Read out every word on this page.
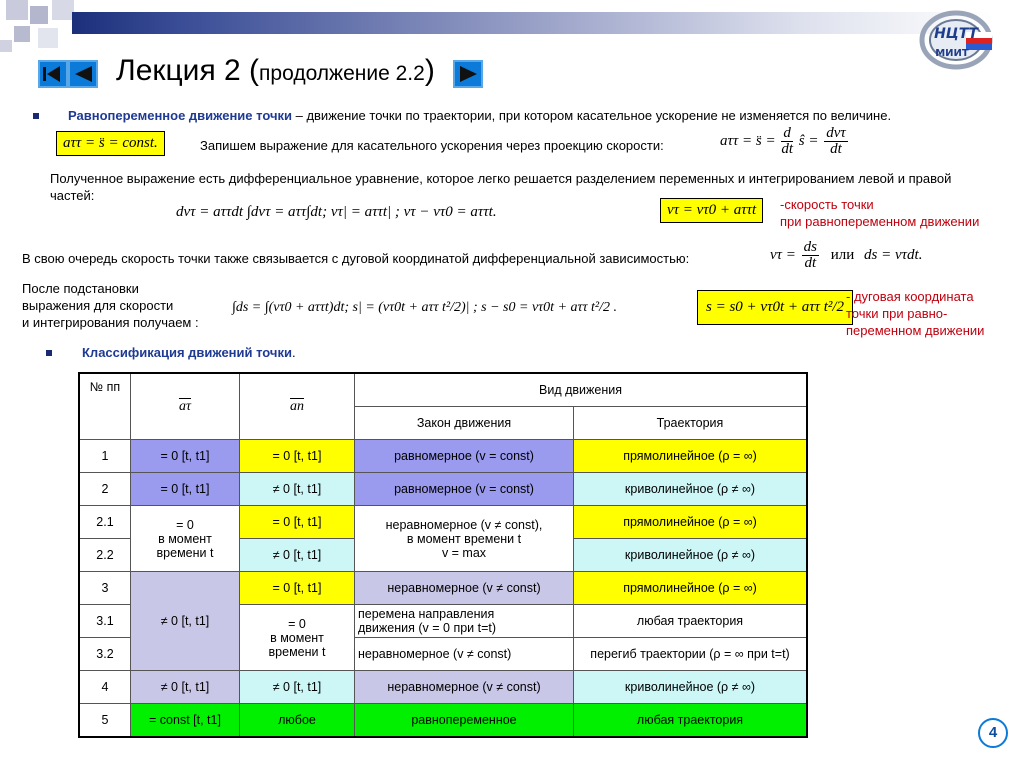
НЦТТ
МИИТ
Лекция 2 (продолжение 2.2)
Равнопеременное движение точки – движение точки по траектории, при котором касательное ускорение не изменяется по величине.
aττ = s̈ = const.	Запишем выражение для касательного ускорения через проекцию скорости:	aττ = s̈ = $\frac{d}{dt}$ ŝ = $\frac{\text{dvτ}}{dt}$
Полученное выражение есть дифференциальное уравнение, которое легко решается разделением переменных и интегрированием левой и правой частей:
dvτ = aττdt ∫dvτ = aττ∫dt; vτ| = aττt| ; vτ − vτ0 = aττt.	vτ = vτ0 + aττt	-скорость точки
при равнопеременном движении
В свою очередь скорость точки также связывается с дуговой координатой дифференциальной зависимостью:	$v\tau = \frac{ds}{dt}$ или ds = vτdt.
После подстановки
выражения для скорости
и интегрирования получаем :
∫ds = ∫(vτ0 + aττt)dt; s| = (vτ0t + aττ t²/2)| ; s − s0 = vτ0t + aττ t²/2 .	s = s0 + vτ0t + aττ t²/2
- дуговая координата
точки при равно-
переменном движении
Классификация движений точки.
№ пп	$\overline{a\tau}$	$\overline{an}$	Вид движения	
			Закон движения	Траектория
1	= 0 [t, t1]	= 0 [t, t1]	равномерное (v = const)	прямолинейное (ρ = ∞)
2	= 0 [t, t1]	≠ 0 [t, t1]	равномерное (v = const)	криволинейное (ρ ≠ ∞)
2.1	= 0
в момент
времени t	= 0 [t, t1]	неравномерное (v ≠ const),
в момент времени t
v = max	прямолинейное (ρ = ∞)
2.2		≠ 0 [t, t1]		криволинейное (ρ ≠ ∞)
3	≠ 0 [t, t1]	= 0 [t, t1]	неравномерное (v ≠ const)	прямолинейное (ρ = ∞)
3.1		= 0
в момент
времени t	перемена направления
движения (v = 0 при t=t)	любая траектория
3.2			неравномерное (v ≠ const)	перегиб траектории (ρ = ∞ при t=t)
4	≠ 0 [t, t1]	≠ 0 [t, t1]	неравномерное (v ≠ const)	криволинейное (ρ ≠ ∞)
5	= const [t, t1]	любое	равнопеременное	любая траектория
4
